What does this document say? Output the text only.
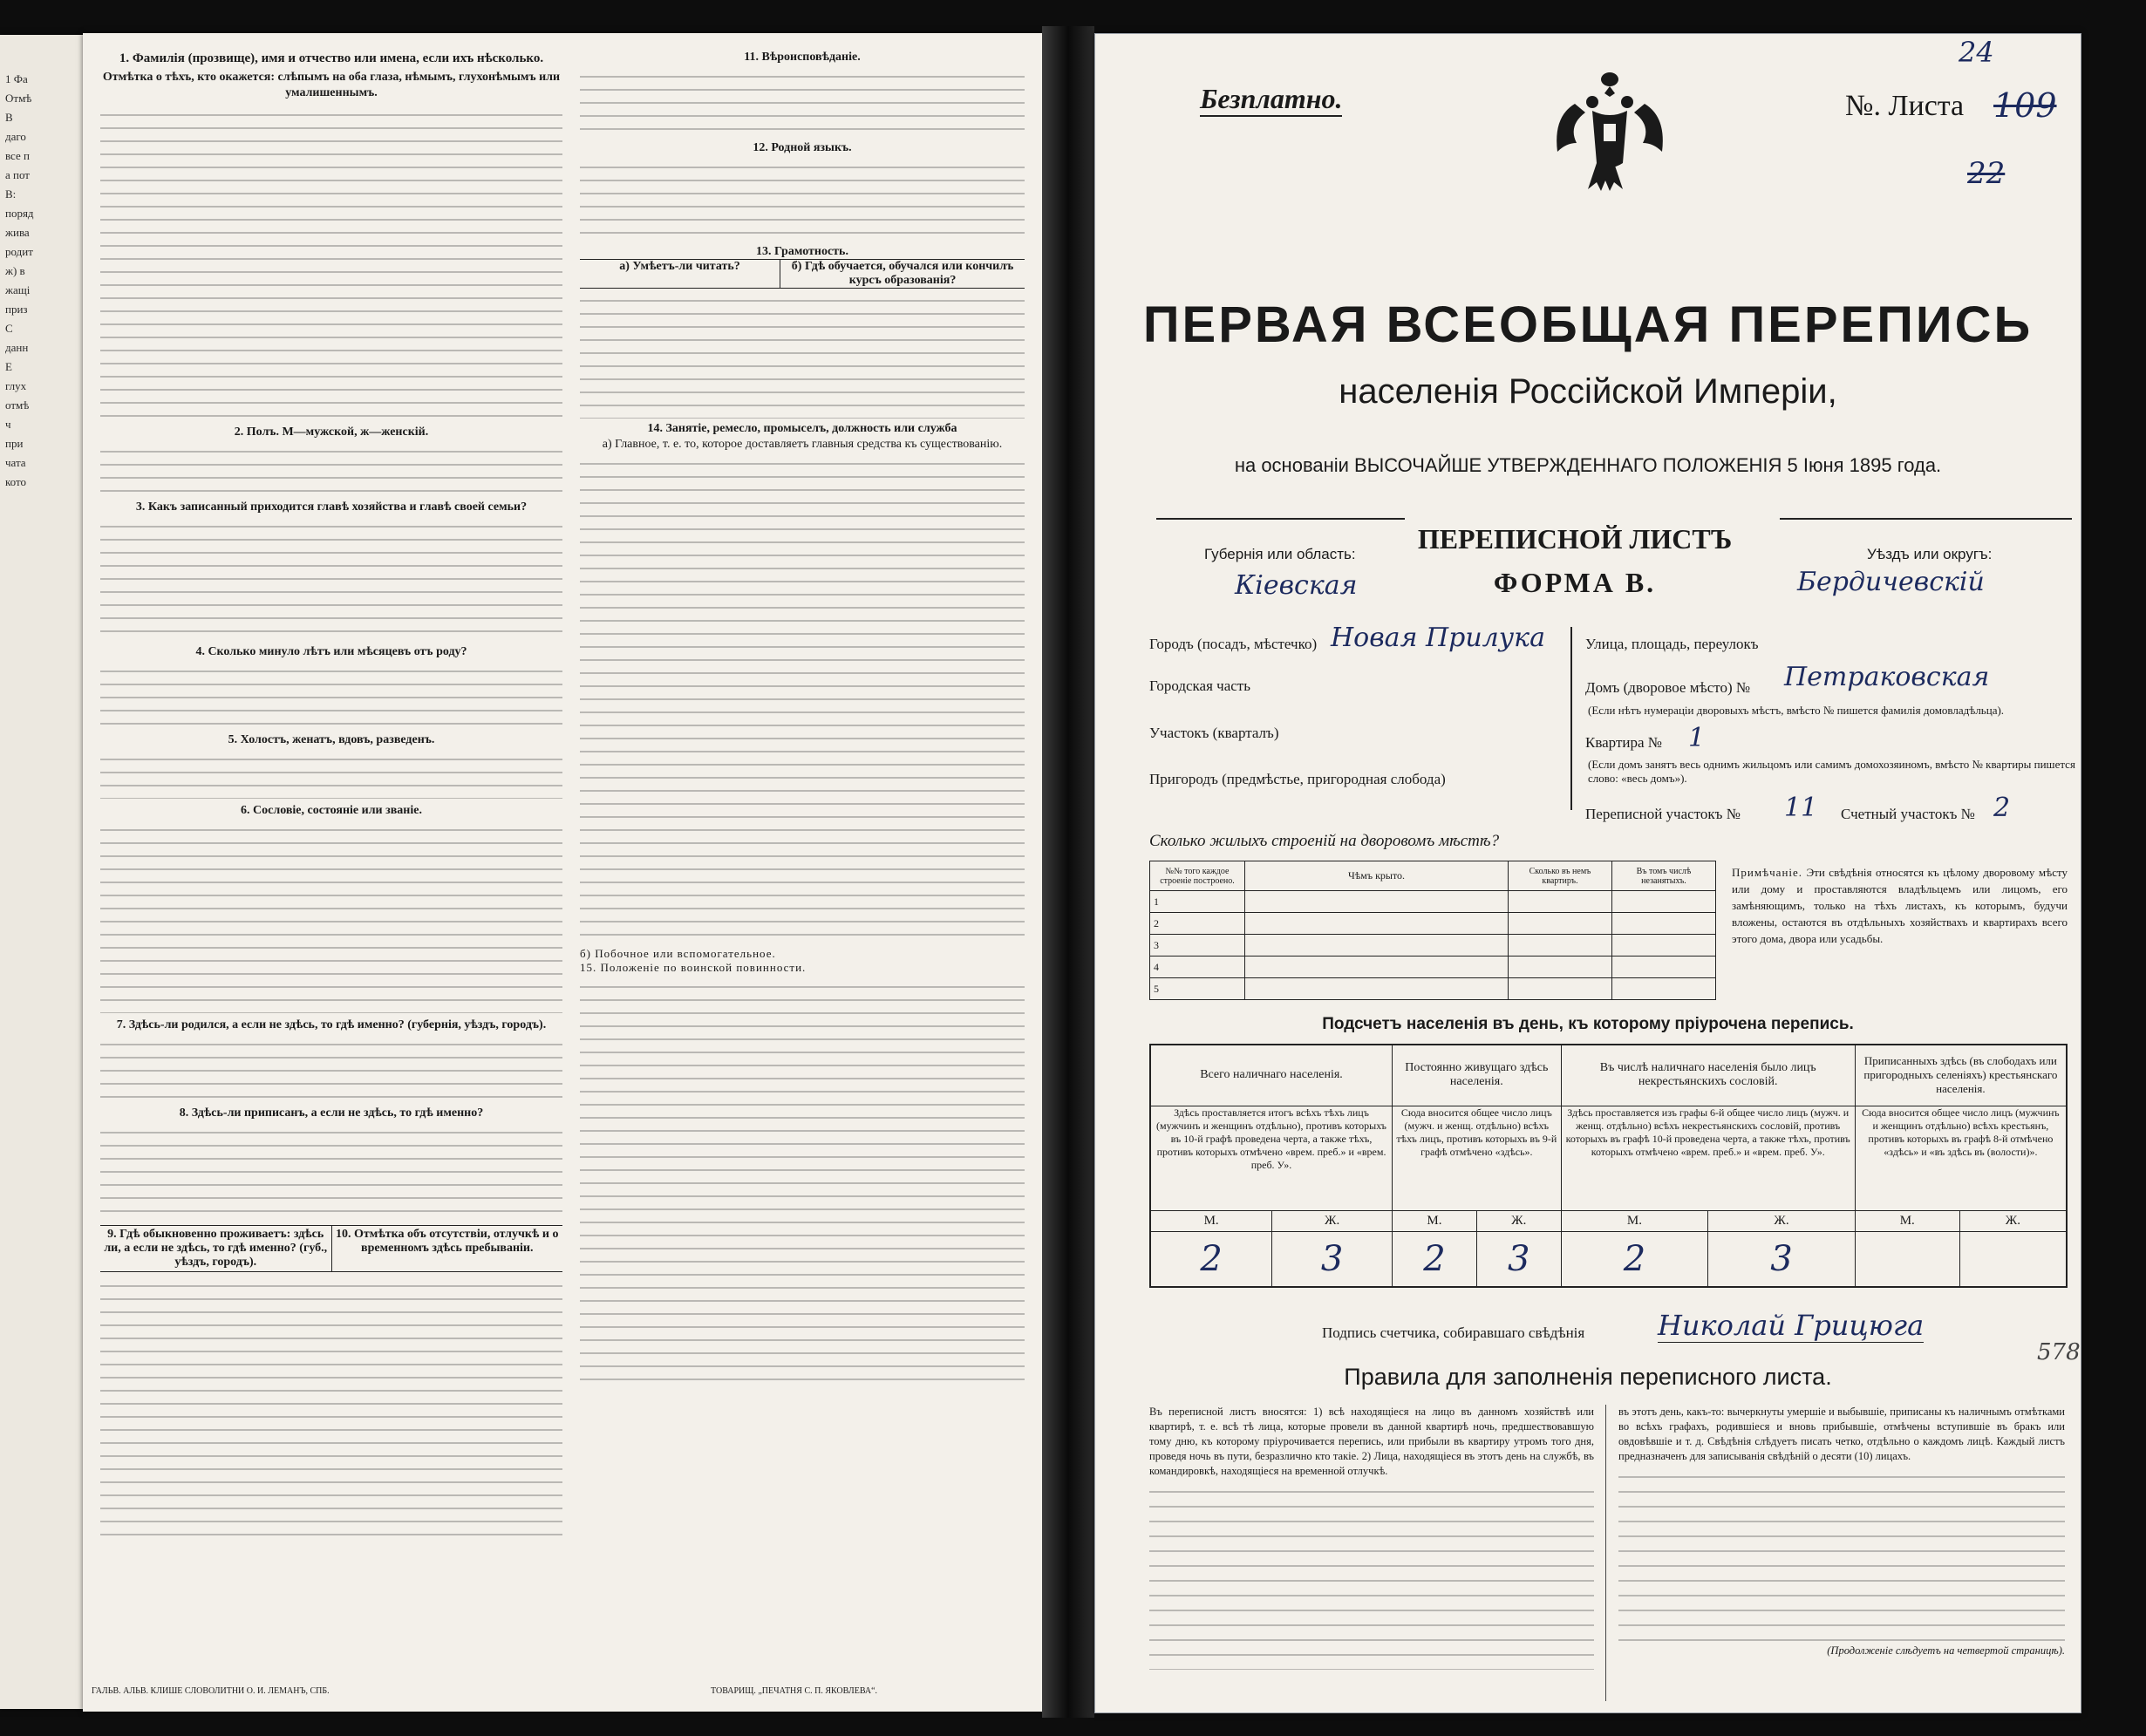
1 Фа
Отмѣ
В
даго
все п
а пот
В:
поряд
жива
родит
ж) в
жащі
приз
С
данн
Е
глух
отмѣ
ч
при
чата
кото
1. Фамилія (прозвище), имя и отчество или имена, если ихъ нѣсколько.
Отмѣтка о тѣхъ, кто окажется: слѣпымъ на оба глаза, нѣмымъ, глухонѣмымъ или умалишеннымъ.
2. Полъ. М—мужской, ж—женскій.
3. Какъ записанный приходится главѣ хозяйства и главѣ своей семьи?
4. Сколько минуло лѣтъ или мѣсяцевъ отъ роду?
5. Холостъ, женатъ, вдовъ, разведенъ.
6. Сословіе, состояніе или званіе.
7. Здѣсь-ли родился, а если не здѣсь, то гдѣ именно? (губернія, уѣздъ, городъ).
8. Здѣсь-ли приписанъ, а если не здѣсь, то гдѣ именно?
9. Гдѣ обыкновенно проживаетъ: здѣсь ли, а если не здѣсь, то гдѣ именно? (губ., уѣздъ, городъ).
10. Отмѣтка объ отсутствіи, отлучкѣ и о временномъ здѣсь пребываніи.
11. Вѣроисповѣданіе.
12. Родной языкъ.
13. Грамотность.
а) Умѣетъ-ли читать?	б) Гдѣ обучается, обучался или кончилъ курсъ образованія?
14. Занятіе, ремесло, промыселъ, должность или служба
а) Главное, т. е. то, которое доставляетъ главныя средства къ существованію.
б) Побочное или вспомогательное.
15. Положеніе по воинской повинности.
ГАЛЬВ. АЛЬВ. КЛИШЕ СЛОВОЛИТНИ О. И. ЛЕМАНЪ, СПБ.	ТОВАРИЩ. „ПЕЧАТНЯ С. П. ЯКОВЛЕВА“.
Безплатно.	№. Листа 109
22
24
ПЕРВАЯ ВСЕОБЩАЯ ПЕРЕПИСЬ
населенія Россійской Имперіи,
на основаніи ВЫСОЧАЙШЕ УТВЕРЖДЕННАГО ПОЛОЖЕНІЯ 5 Іюня 1895 года.
Губернія или область:
Кіевская
ПЕРЕПИСНОЙ ЛИСТЪ
ФОРМА В.
Уѣздъ или округъ:
Бердичевскій
Городъ (посадъ, мѣстечко) Новая Прилука
Городская часть
Участокъ (кварталъ)
Пригородъ (предмѣстье, пригородная слобода)
Улица, площадь, переулокъ
Домъ (дворовое мѣсто) № Петраковская
(Если нѣтъ нумераціи дворовыхъ мѣстъ, вмѣсто № пишется фамилія домовладѣльца).
Квартира № 1
(Если домъ занятъ весь однимъ жильцомъ или самимъ домохозяиномъ, вмѣсто № квартиры пишется слово: «весь домъ»).
Переписной участокъ № 11 Счетный участокъ № 2
Сколько жилыхъ строеній на дворовомъ мѣстѣ?
№№ того каждое строеніе построено.	Чѣмъ крыто.	Сколько въ немъ квартиръ.	Въ томъ числѣ незанятыхъ.
1			
2			
3			
4			
5			
Примѣчаніе. Эти свѣдѣнія относятся къ цѣлому дворовому мѣсту или дому и проставляются владѣльцемъ или лицомъ, его замѣняющимъ, только на тѣхъ листахъ, къ которымъ, будучи вложены, остаются въ отдѣльныхъ хозяйствахъ и квартирахъ всего этого дома, двора или усадьбы.
Подсчетъ населенія въ день, къ которому пріурочена перепись.
Всего наличнаго населенія.		Постоянно живущаго здѣсь населенія.		Въ числѣ наличнаго населенія было лицъ некрестьянскихъ сословій.		Приписанныхъ здѣсь (въ слободахъ или пригородныхъ селеніяхъ) крестьянскаго населенія.	
Здѣсь проставляется итогъ всѣхъ тѣхъ лицъ (мужчинъ и женщинъ отдѣльно), противъ которыхъ въ 10-й графѣ проведена черта, а также тѣхъ, противъ которыхъ отмѣчено «врем. преб.» и «врем. преб. У».		Сюда вносится общее число лицъ (мужч. и женщ. отдѣльно) всѣхъ тѣхъ лицъ, противъ которыхъ въ 9-й графѣ отмѣчено «здѣсь».		Здѣсь проставляется изъ графы 6-й общее число лицъ (мужч. и женщ. отдѣльно) всѣхъ некрестьянскихъ сословій, противъ которыхъ въ графѣ 10-й проведена черта, а также тѣхъ, противъ которыхъ отмѣчено «врем. преб.» и «врем. преб. У».		Сюда вносится общее число лицъ (мужчинъ и женщинъ отдѣльно) всѣхъ крестьянъ, противъ которыхъ въ графѣ 8-й отмѣчено «здѣсь» и «въ здѣсь въ (волости)».	
М.	Ж.	М.	Ж.	М.	Ж.	М.	Ж.
2	3	2	3	2	3		
Подпись счетчика, собиравшаго свѣдѣнія	Николай Грицюга
578
Правила для заполненія переписного листа.
Въ переписной листъ вносятся: 1) всѣ находящіеся на лицо въ данномъ хозяйствѣ или квартирѣ, т. е. всѣ тѣ лица, которые провели въ данной квартирѣ ночь, предшествовавшую тому дню, къ которому пріурочивается перепись, или прибыли въ квартиру утромъ того дня, проведя ночь въ пути, безразлично кто такіе. 2) Лица, находящіеся въ этотъ день на службѣ, въ командировкѣ, находящіеся на временной отлучкѣ.
въ этотъ день, какъ-то: вычеркнуты умершіе и выбывшіе, приписаны къ наличнымъ отмѣтками во всѣхъ графахъ, родившіеся и вновь прибывшіе, отмѣчены вступившіе въ бракъ или овдовѣвшіе и т. д. Свѣдѣнія слѣдуетъ писать четко, отдѣльно о каждомъ лицѣ. Каждый листъ предназначенъ для записыванія свѣдѣній о десяти (10) лицахъ.
(Продолженіе слѣдуетъ на четвертой страницѣ).
